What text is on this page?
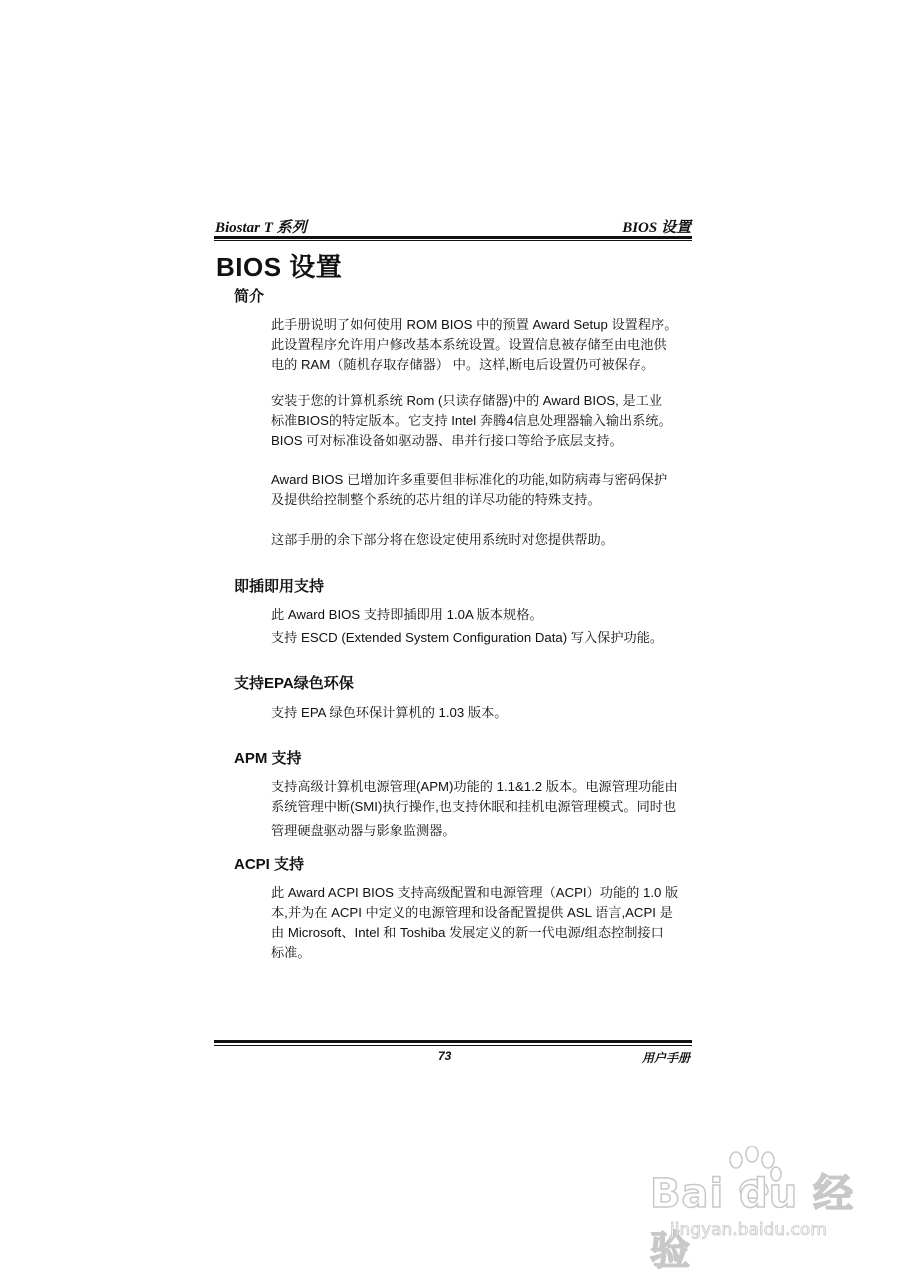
Biostar T 系列	BIOS 设置
BIOS 设置
简介

此手册说明了如何使用 ROM BIOS 中的预置 Award Setup 设置程序。
此设置程序允许用户修改基本系统设置。设置信息被存储至由电池供
电的 RAM（随机存取存储器） 中。这样,断电后设置仍可被保存。

安装于您的计算机系统 Rom (只读存储器)中的 Award BIOS, 是工业
标准BIOS的特定版本。它支持 Intel 奔腾4信息处理器输入输出系统。
BIOS 可对标准设备如驱动器、串并行接口等给予底层支持。

Award BIOS 已增加许多重要但非标准化的功能,如防病毒与密码保护
及提供给控制整个系统的芯片组的详尽功能的特殊支持。

这部手册的余下部分将在您设定使用系统时对您提供帮助。

即插即用支持

此 Award BIOS 支持即插即用 1.0A 版本规格。

支持 ESCD (Extended System Configuration Data) 写入保护功能。

支持EPA绿色环保

支持 EPA 绿色环保计算机的 1.03 版本。

APM 支持

支持高级计算机电源管理(APM)功能的 1.1&1.2 版本。电源管理功能由
系统管理中断(SMI)执行操作,也支持休眠和挂机电源管理模式。同时也
管理硬盘驱动器与影象监测器。

ACPI 支持

此 Award ACPI BIOS 支持高级配置和电源管理（ACPI）功能的 1.0 版
本,并为在 ACPI 中定义的电源管理和设备配置提供 ASL 语言,ACPI 是
由 Microsoft、Intel 和 Toshiba 发展定义的新一代电源/组态控制接口
标准。

73	用户手册
Bai du 经验
jingyan.baidu.com
